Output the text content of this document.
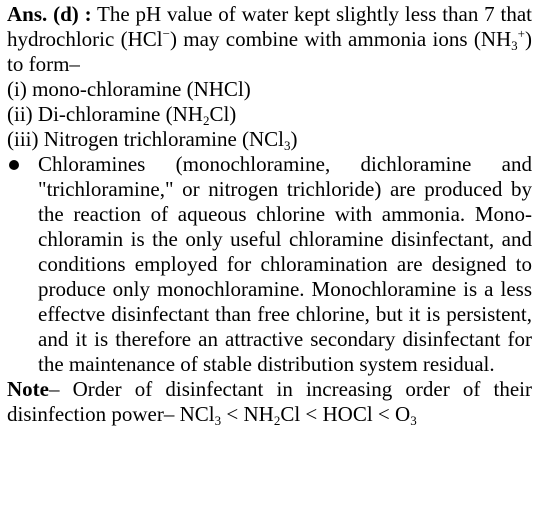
Ans. (d) : The pH value of water kept slightly less than 7 that hydrochloric (HCl−) may combine with ammonia ions $(NH_3^+)$ to form–

(i) mono-chloramine (NHCl)

(ii) Di-chloramine $(NH_2Cl)$

(iii) Nitrogen trichloramine (NCl$_3$)

Chloramines (monochloramine, dichloramine and "trichloramine," or nitrogen trichloride) are produced by the reaction of aqueous chlorine with ammonia. Mono-chloramin is the only useful chloramine disinfectant, and conditions employed for chloramination are designed to produce only monochloramine. Monochloramine is a less effectve disinfectant than free chlorine, but it is persistent, and it is therefore an attractive secondary disinfectant for the maintenance of stable distribution system residual.

Note– Order of disinfectant in increasing order of their disinfection power– $NCl_3 < NH_2Cl$ < HOCl < $O_3$
